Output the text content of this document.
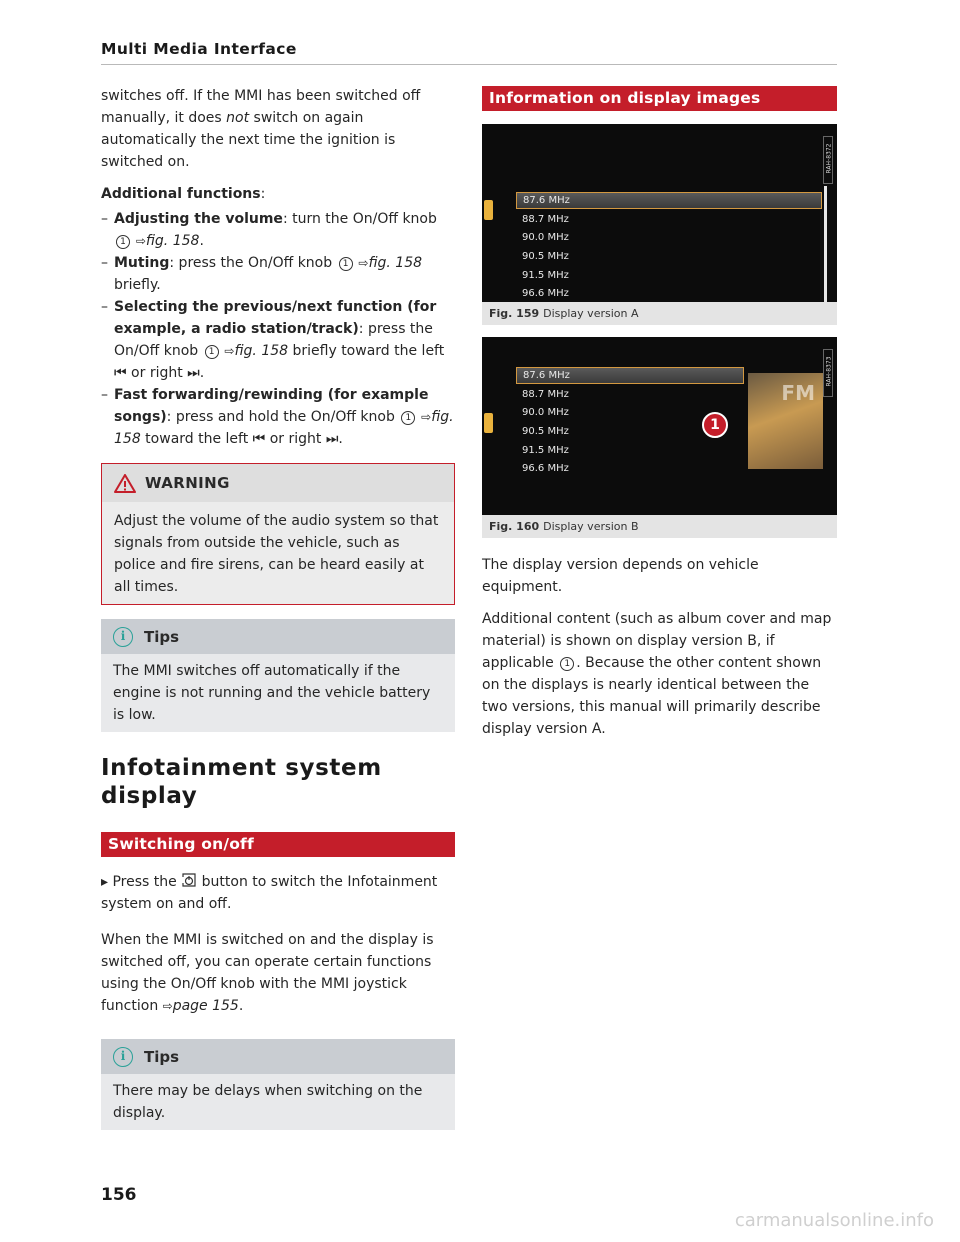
Multi Media Interface

switches off. If the MMI has been switched off manually, it does not switch on again automatically the next time the ignition is switched on.

Additional functions:

– Adjusting the volume: turn the On/Off knob 1 ⇨fig. 158.
– Muting: press the On/Off knob 1 ⇨fig. 158 briefly.
– Selecting the previous/next function (for example, a radio station/track): press the On/Off knob 1 ⇨fig. 158 briefly toward the left ⏮ or right ⏭.
– Fast forwarding/rewinding (for example songs): press and hold the On/Off knob 1 ⇨fig. 158 toward the left ⏮ or right ⏭.
WARNING
Adjust the volume of the audio system so that signals from outside the vehicle, such as police and fire sirens, can be heard easily at all times.
i	Tips
The MMI switches off automatically if the engine is not running and the vehicle battery is low.
Infotainment system display
Switching on/off

▸ Press the  button to switch the Infotainment system on and off.

When the MMI is switched on and the display is switched off, you can operate certain functions using the On/Off knob with the MMI joystick function ⇨page 155.

i	Tips
There may be delays when switching on the display.
Information on display images
RAH-8372
87.6 MHz
88.7 MHz
90.0 MHz
90.5 MHz
91.5 MHz
96.6 MHz
Fig. 159 Display version A
RAH-8373
87.6 MHz
88.7 MHz
90.0 MHz
90.5 MHz
91.5 MHz
96.6 MHz
FM
1
Fig. 160 Display version B

The display version depends on vehicle equipment.

Additional content (such as album cover and map material) is shown on display version B, if applicable 1 . Because the other content shown on the displays is nearly identical between the two versions, this manual will primarily describe display version A.

156
carmanualsonline.info
